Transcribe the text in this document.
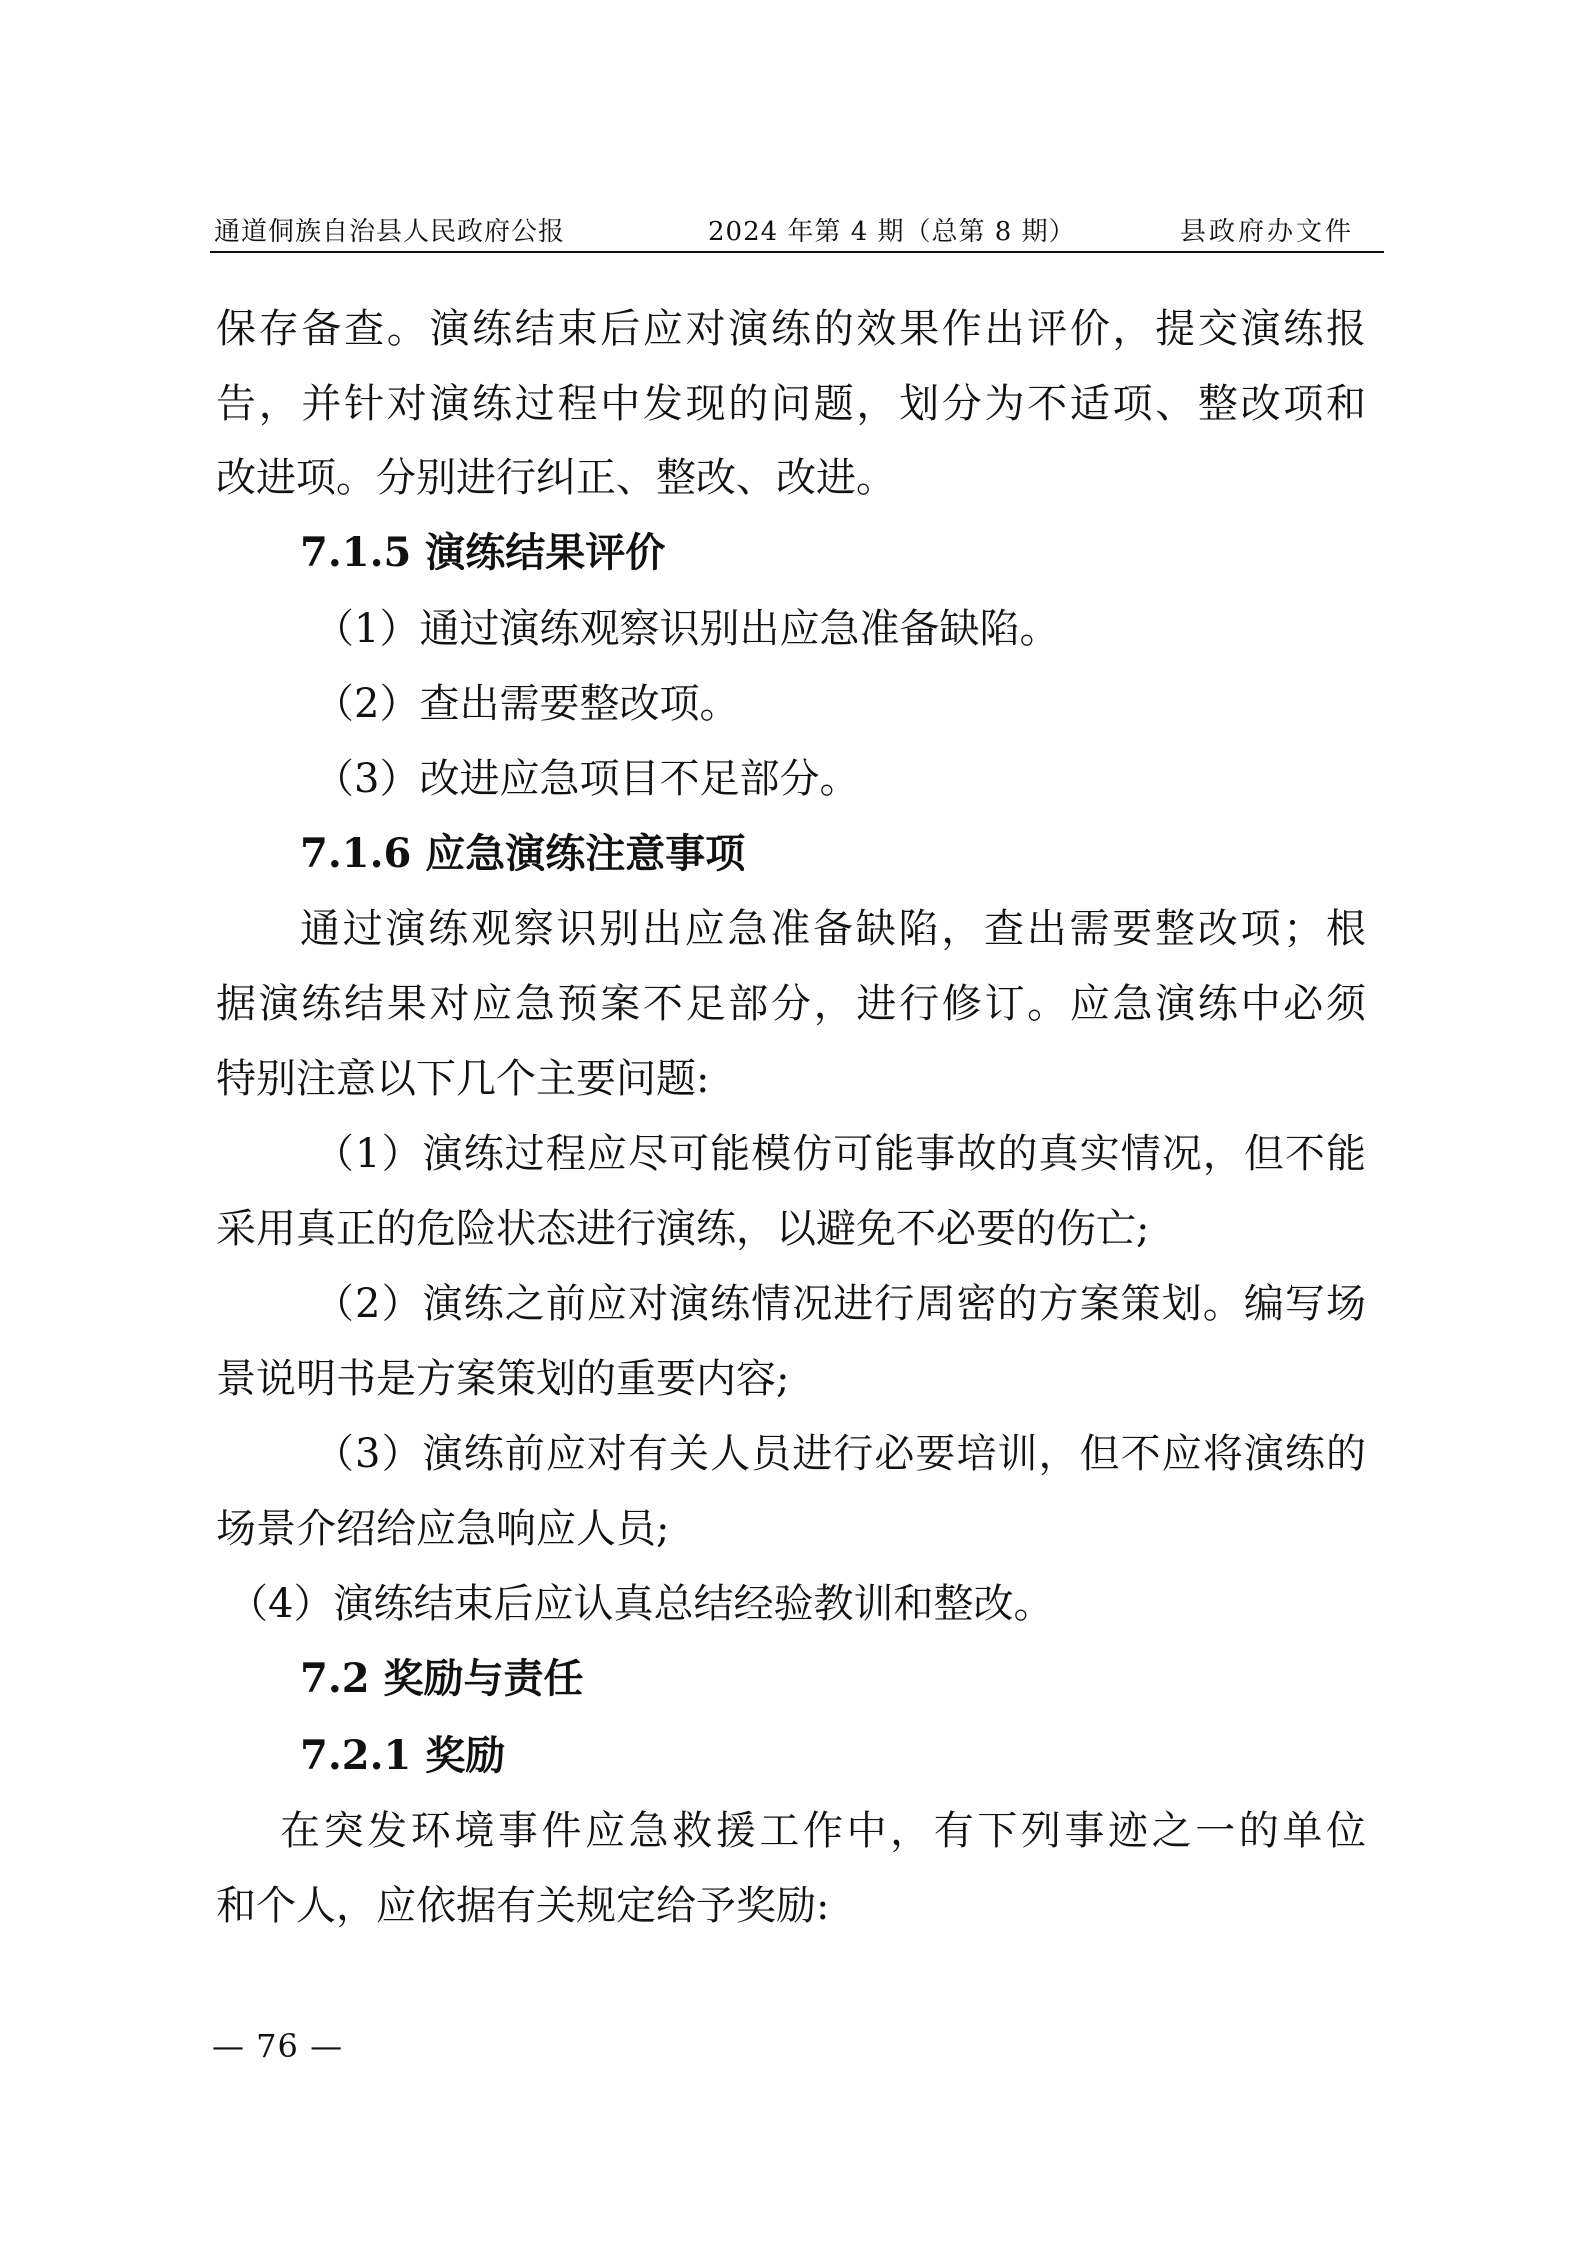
通道侗族自治县人民政府公报	2024 年第 4 期（总第 8 期）	县政府办文件
保存备查。演练结束后应对演练的效果作出评价，提交演练报
告，并针对演练过程中发现的问题，划分为不适项、整改项和
改进项。分别进行纠正、整改、改进。
7.1.5 演练结果评价
（1）通过演练观察识别出应急准备缺陷。
（2）查出需要整改项。
（3）改进应急项目不足部分。
7.1.6 应急演练注意事项
通过演练观察识别出应急准备缺陷，查出需要整改项；根
据演练结果对应急预案不足部分，进行修订。应急演练中必须
特别注意以下几个主要问题:
（1）演练过程应尽可能模仿可能事故的真实情况，但不能
采用真正的危险状态进行演练，以避免不必要的伤亡;
（2）演练之前应对演练情况进行周密的方案策划。编写场
景说明书是方案策划的重要内容;
（3）演练前应对有关人员进行必要培训，但不应将演练的
场景介绍给应急响应人员;
（4）演练结束后应认真总结经验教训和整改。
7.2 奖励与责任
7.2.1 奖励
在突发环境事件应急救援工作中，有下列事迹之一的单位
和个人，应依据有关规定给予奖励:
— 76 —
